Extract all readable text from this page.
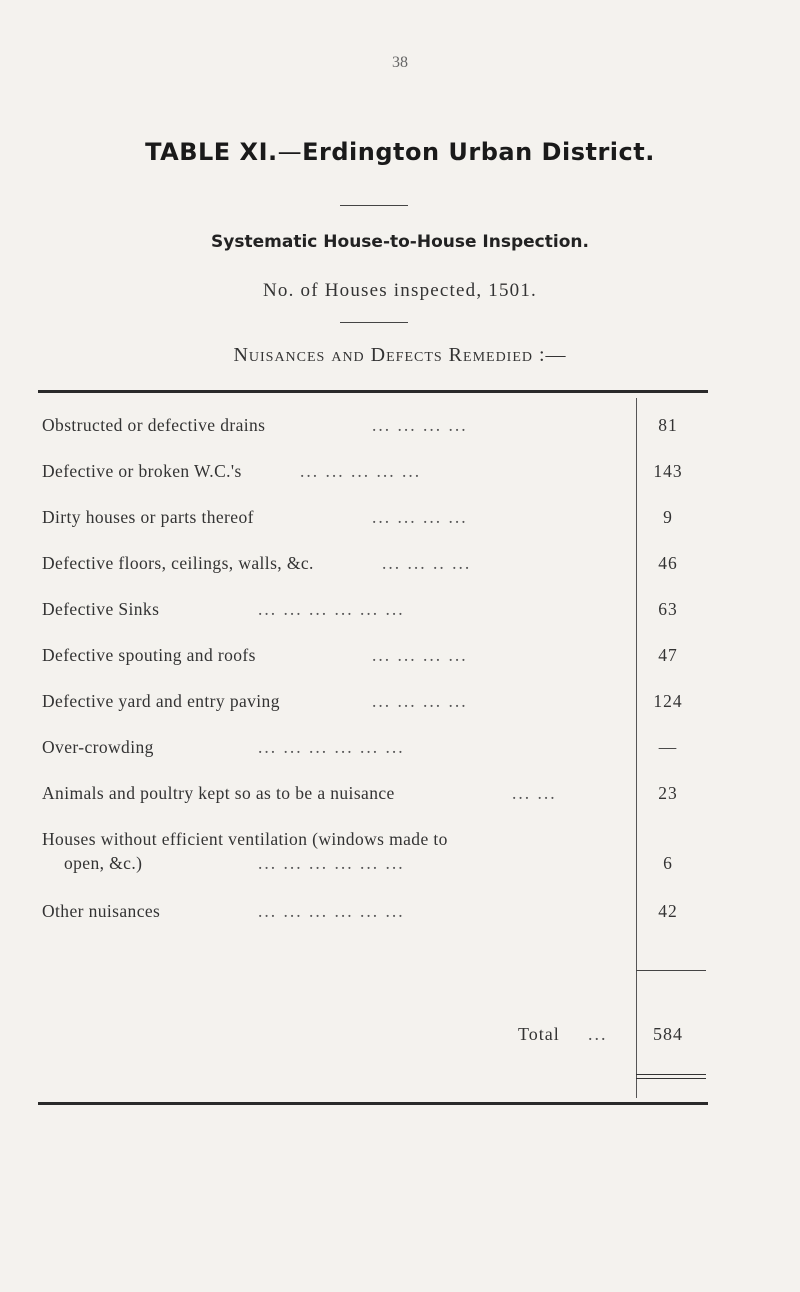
38
TABLE XI.—Erdington Urban District.
Systematic House-to-House Inspection.
No. of Houses inspected, 1501.
Nuisances and Defects Remedied :—
Obstructed or defective drains	... ... ... ...	81
Defective or broken W.C.'s	... ... ... ... ...	143
Dirty houses or parts thereof	... ... ... ...	9
Defective floors, ceilings, walls, &c.	... ... .. ...	46
Defective Sinks	... ... ... ... ... ...	63
Defective spouting and roofs	... ... ... ...	47
Defective yard and entry paving	... ... ... ...	124
Over-crowding	... ... ... ... ... ...	—
Animals and poultry kept so as to be a nuisance	... ...	23
Houses without efficient ventilation (windows made to
open, &c.)	... ... ... ... ... ...	6
Other nuisances	... ... ... ... ... ...	42
Total ...	584
